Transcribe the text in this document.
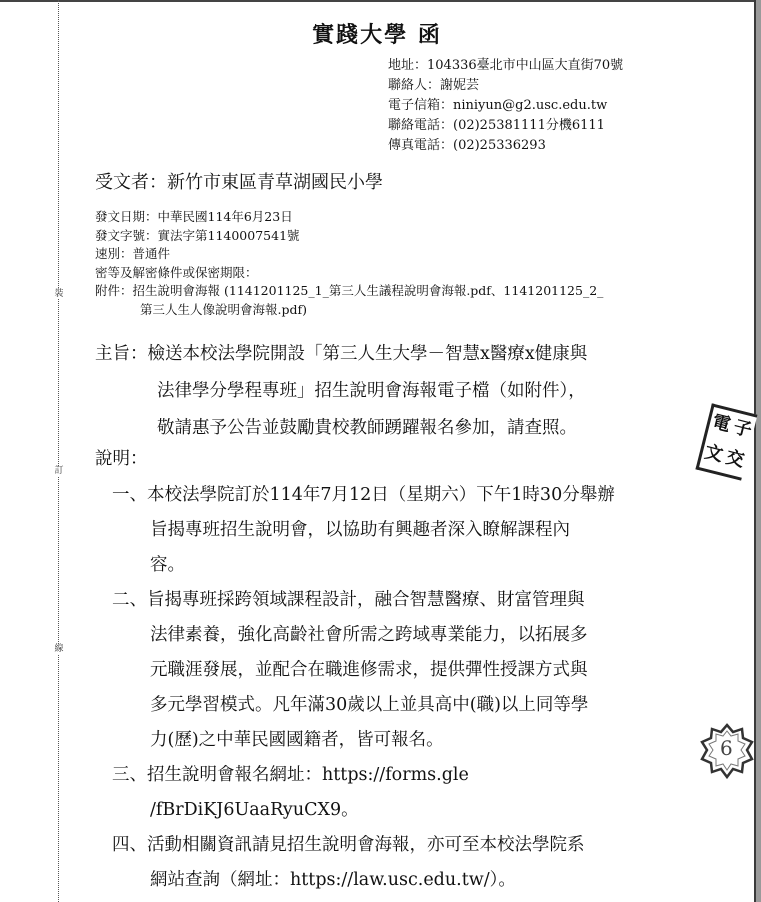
裝
訂
線
實踐大學 函
地址：104336臺北市中山區大直街70號
聯絡人：謝妮芸
電子信箱：niniyun@g2.usc.edu.tw
聯絡電話：(02)25381111分機6111
傳真電話：(02)25336293
受文者：新竹市東區青草湖國民小學
發文日期：中華民國114年6月23日
發文字號：實法字第1140007541號
速別：普通件
密等及解密條件或保密期限：
附件：招生說明會海報 (1141201125_1_第三人生議程說明會海報.pdf、1141201125_2_
第三人生人像說明會海報.pdf)
主旨：檢送本校法學院開設「第三人生大學－智慧x醫療x健康與
法律學分學程專班」招生說明會海報電子檔（如附件），
敬請惠予公告並鼓勵貴校教師踴躍報名參加，請查照。
說明：
一、本校法學院訂於114年7月12日（星期六）下午1時30分舉辦
旨揭專班招生說明會，以協助有興趣者深入瞭解課程內
容。
二、旨揭專班採跨領域課程設計，融合智慧醫療、財富管理與
法律素養，強化高齡社會所需之跨域專業能力，以拓展多
元職涯發展，並配合在職進修需求，提供彈性授課方式與
多元學習模式。凡年滿30歲以上並具高中(職)以上同等學
力(歷)之中華民國國籍者，皆可報名。
三、招生說明會報名網址：https://forms.gle
/fBrDiKJ6UaaRyuCX9。
四、活動相關資訊請見招生說明會海報，亦可至本校法學院系
網站查詢（網址：https://law.usc.edu.tw/）。
電
子
文
交
6
